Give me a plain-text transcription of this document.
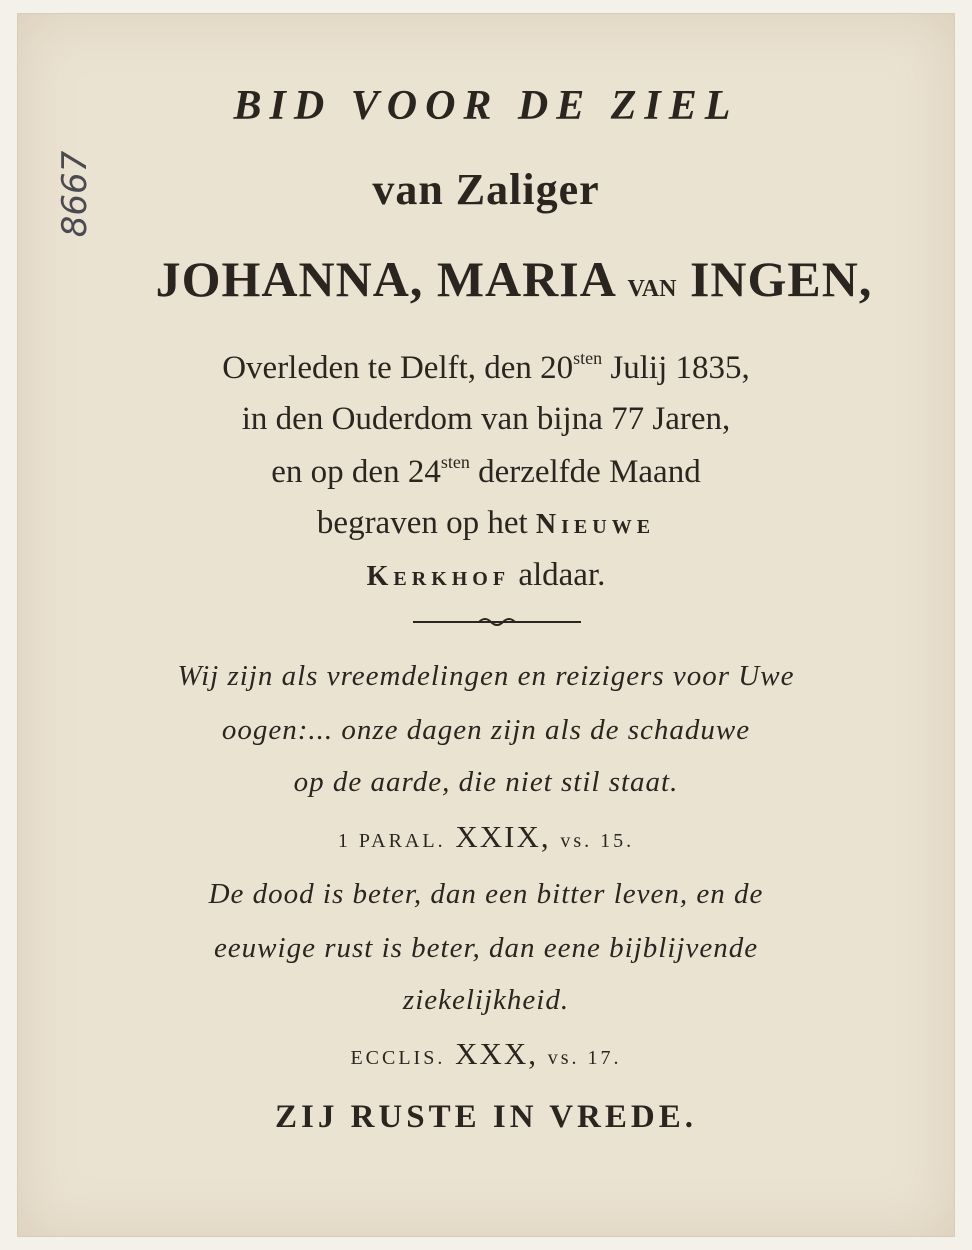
8667
BID VOOR DE ZIEL
van Zaliger
JOHANNA, MARIA VAN INGEN,
Overleden te Delft, den $20^{sten}$ Julij 1835,
in den Ouderdom van bijna 77 Jaren,
en op den $24^{sten}$ derzelfde Maand
begraven op het Nieuwe
Kerkhof aldaar.
Wij zijn als vreemdelingen en reizigers voor Uwe
oogen:... onze dagen zijn als de schaduwe
op de aarde, die niet stil staat.
1 PARAL. XXIX, vs. 15.
De dood is beter, dan een bitter leven, en de
eeuwige rust is beter, dan eene bijblijvende
ziekelijkheid.
ECCLIS. XXX, vs. 17.
ZIJ RUSTE IN VREDE.
